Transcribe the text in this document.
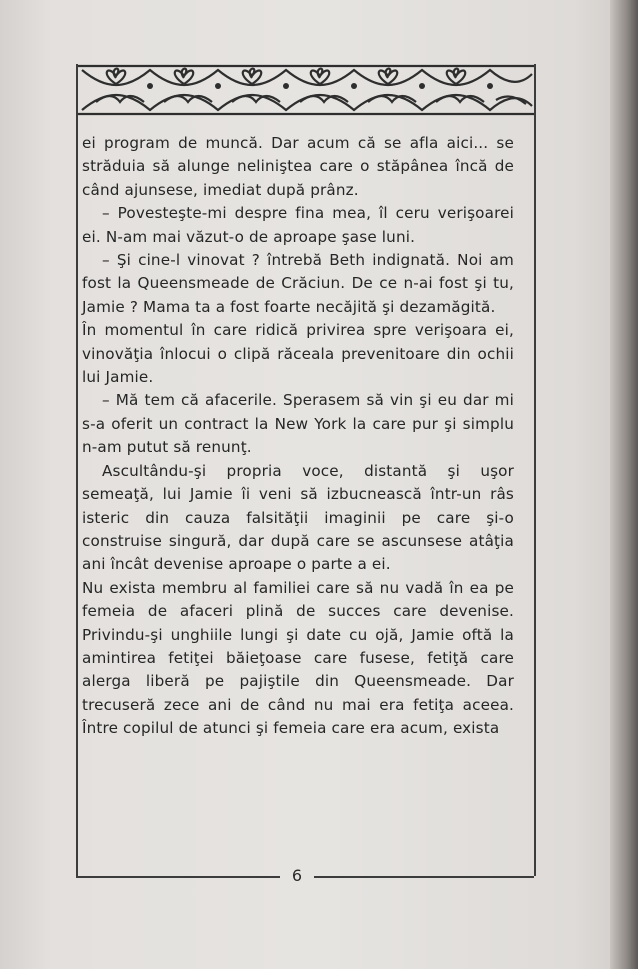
ei program de muncă. Dar acum că se afla aici... se străduia să alunge neliniştea care o stăpânea încă de când ajunsese, imediat după prânz.

– Povesteşte-mi despre fina mea, îl ceru verişoarei ei. N-am mai văzut-o de aproape şase luni.

– Şi cine-l vinovat ? întrebă Beth indignată. Noi am fost la Queensmeade de Crăciun. De ce n-ai fost şi tu, Jamie ? Mama ta a fost foarte necăjită şi dezamăgită.

În momentul în care ridică privirea spre verişoara ei, vinovăţia înlocui o clipă răceala prevenitoare din ochii lui Jamie.

– Mă tem că afacerile. Sperasem să vin şi eu dar mi s-a oferit un contract la New York la care pur şi simplu n-am putut să renunţ.

Ascultându-şi propria voce, distantă şi uşor semeaţă, lui Jamie îi veni să izbucnească într-un râs isteric din cauza falsităţii imaginii pe care şi-o construise singură, dar după care se ascunsese atâţia ani încât devenise aproape o parte a ei.

Nu exista membru al familiei care să nu vadă în ea pe femeia de afaceri plină de succes care devenise. Privindu-şi unghiile lungi şi date cu ojă, Jamie oftă la amintirea fetiţei băieţoase care fusese, fetiţă care alerga liberă pe pajiştile din Queensmeade. Dar trecuseră zece ani de când nu mai era fetiţa aceea. Între copilul de atunci şi femeia care era acum, exista

6
